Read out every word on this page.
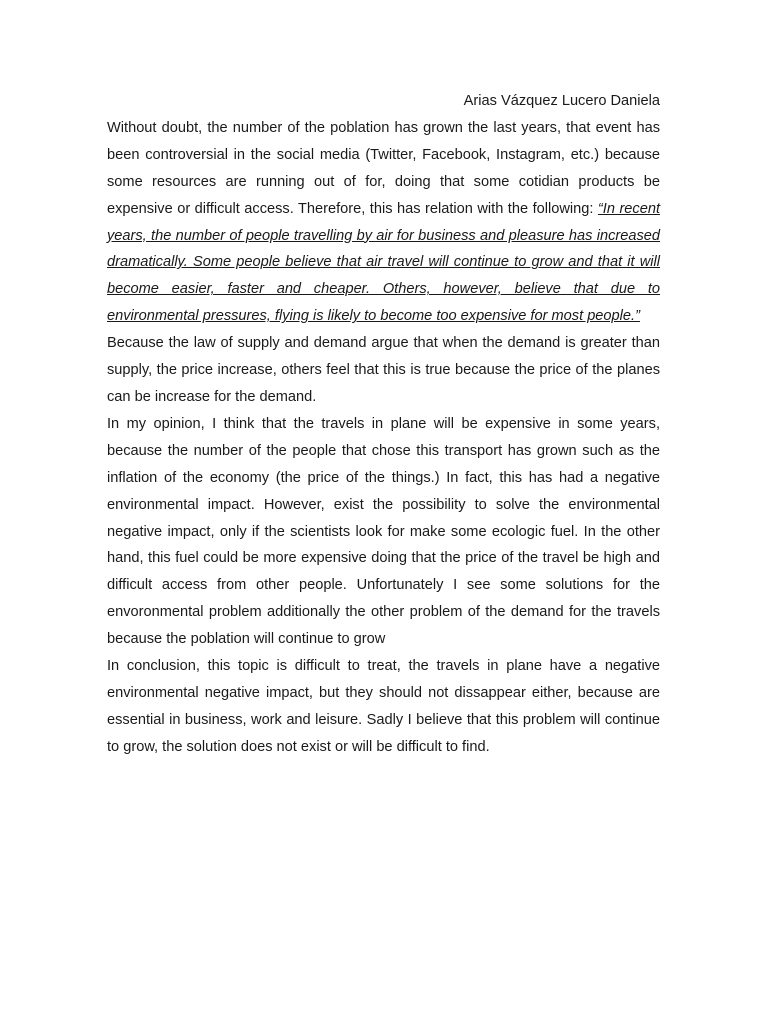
Arias Vázquez Lucero Daniela

Without doubt, the number of the poblation has grown the last years, that event has been controversial in the social media (Twitter, Facebook, Instagram, etc.) because some resources are running out of for, doing that some cotidian products be expensive or difficult access. Therefore, this has relation with the following: “In recent years, the number of people travelling by air for business and pleasure has increased dramatically. Some people believe that air travel will continue to grow and that it will become easier, faster and cheaper. Others, however, believe that due to environmental pressures, flying is likely to become too expensive for most people.”

Because the law of supply and demand argue that when the demand is greater than supply, the price increase, others feel that this is true because the price of the planes can be increase for the demand.

In my opinion, I think that the travels in plane will be expensive in some years, because the number of the people that chose this transport has grown such as the inflation of the economy (the price of the things.) In fact, this has had a negative environmental impact. However, exist the possibility to solve the environmental negative impact, only if the scientists look for make some ecologic fuel. In the other hand, this fuel could be more expensive doing that the price of the travel be high and difficult access from other people. Unfortunately I see some solutions for the envoronmental problem additionally the other problem of the demand for the travels because the poblation will continue to grow

In conclusion, this topic is difficult to treat, the travels in plane have a negative environmental negative impact, but they should not dissappear either, because are essential in business, work and leisure. Sadly I believe that this problem will continue to grow, the solution does not exist or will be difficult to find.
